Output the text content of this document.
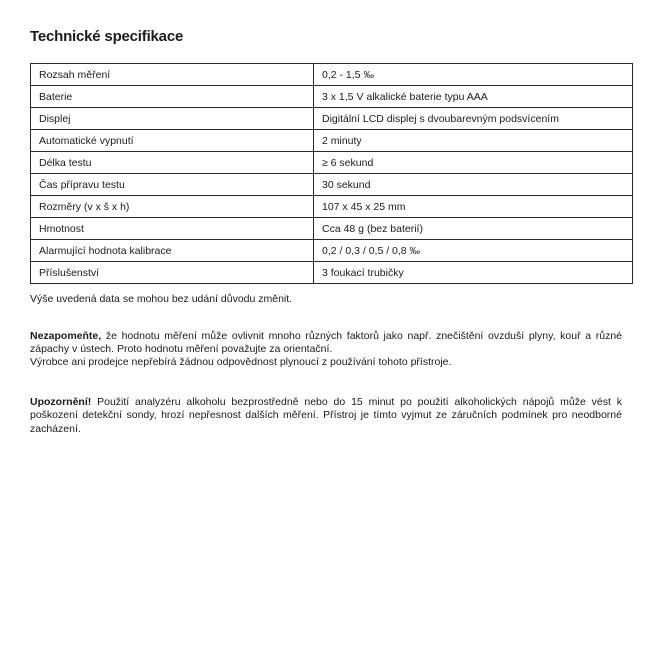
Technické specifikace
Rozsah měření	0,2 - 1,5 ‰
Baterie	3 x 1,5 V alkalické baterie typu AAA
Displej	Digitální LCD displej s dvoubarevným podsvícením
Automatické vypnutí	2 minuty
Délka testu	≥ 6 sekund
Čas přípravu testu	30 sekund
Rozměry (v x š x h)	107 x 45 x 25 mm
Hmotnost	Cca 48 g (bez baterií)
Alarmující hodnota kalibrace	0,2 / 0,3 / 0,5 / 0,8 ‰
Příslušenství	3 foukací trubičky

Výše uvedená data se mohou bez udání důvodu změnit.

Nezapomeňte, že hodnotu měření může ovlivnit mnoho různých faktorů jako např. znečištění ovzduší plyny, kouř a různé zápachy v ústech. Proto hodnotu měření považujte za orientační.

Výrobce ani prodejce nepřebírá žádnou odpovědnost plynoucí z používání tohoto přístroje.

Upozornění! Použití analyzéru alkoholu bezprostředně nebo do 15 minut po použití alkoholických nápojů může vést k poškození detekční sondy, hrozí nepřesnost dalších měření. Přístroj je tímto vyjmut ze záručních podmínek pro neodborné zacházení.
